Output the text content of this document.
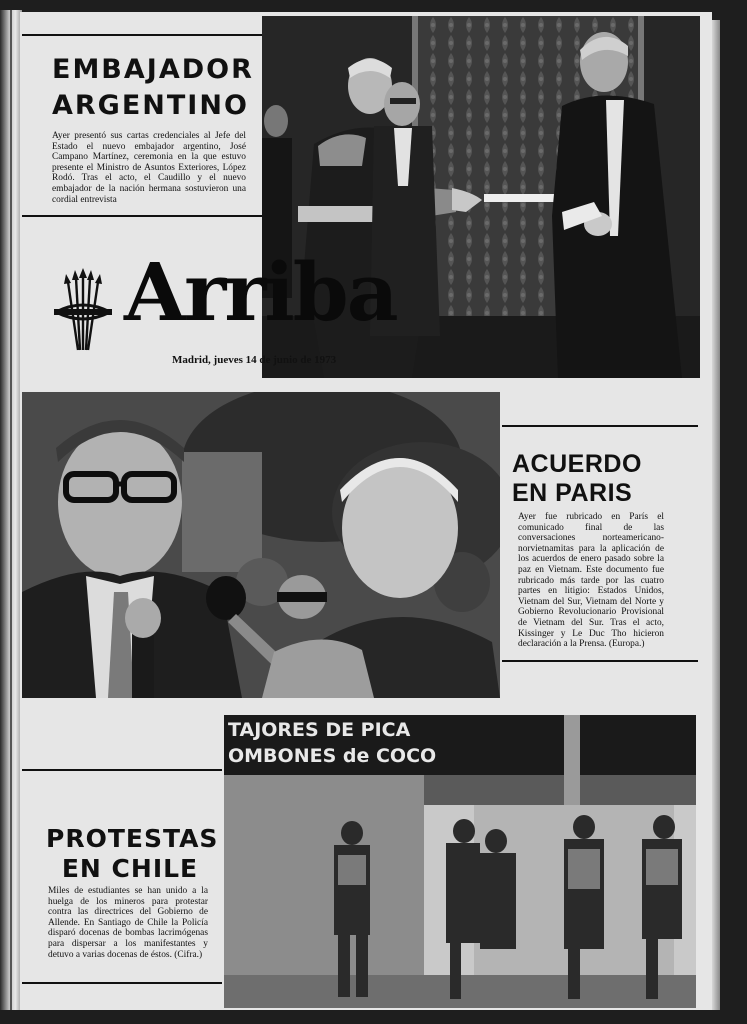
EMBAJADOR
ARGENTINO

Ayer presentó sus cartas credenciales al Jefe del Estado el nuevo embajador argentino, José Campano Martínez, ceremonia en la que estuvo presente el Ministro de Asuntos Exteriores, López Rodó. Tras el acto, el Caudillo y el nuevo embajador de la nación hermana sostuvieron una cordial entrevista

Arriba
Madrid, jueves 14 de junio de 1973
ACUERDO
EN PARIS

Ayer fue rubricado en París el comunicado final de las conversaciones norteamericano-norvietnamitas para la aplicación de los acuerdos de enero pasado sobre la paz en Vietnam. Este documento fue rubricado más tarde por las cuatro partes en litigio: Estados Unidos, Vietnam del Sur, Vietnam del Norte y Gobierno Revolucionario Provisional de Vietnam del Sur. Tras el acto, Kissinger y Le Duc Tho hicieron declaración a la Prensa. (Europa.)

TAJORES DE PICA
OMBONES de COCO
PROTESTAS
EN CHILE

Miles de estudiantes se han unido a la huelga de los mineros para protestar contra las directrices del Gobierno de Allende. En Santiago de Chile la Policía disparó docenas de bombas lacrimógenas para dispersar a los manifestantes y detuvo a varias docenas de éstos. (Cifra.)
